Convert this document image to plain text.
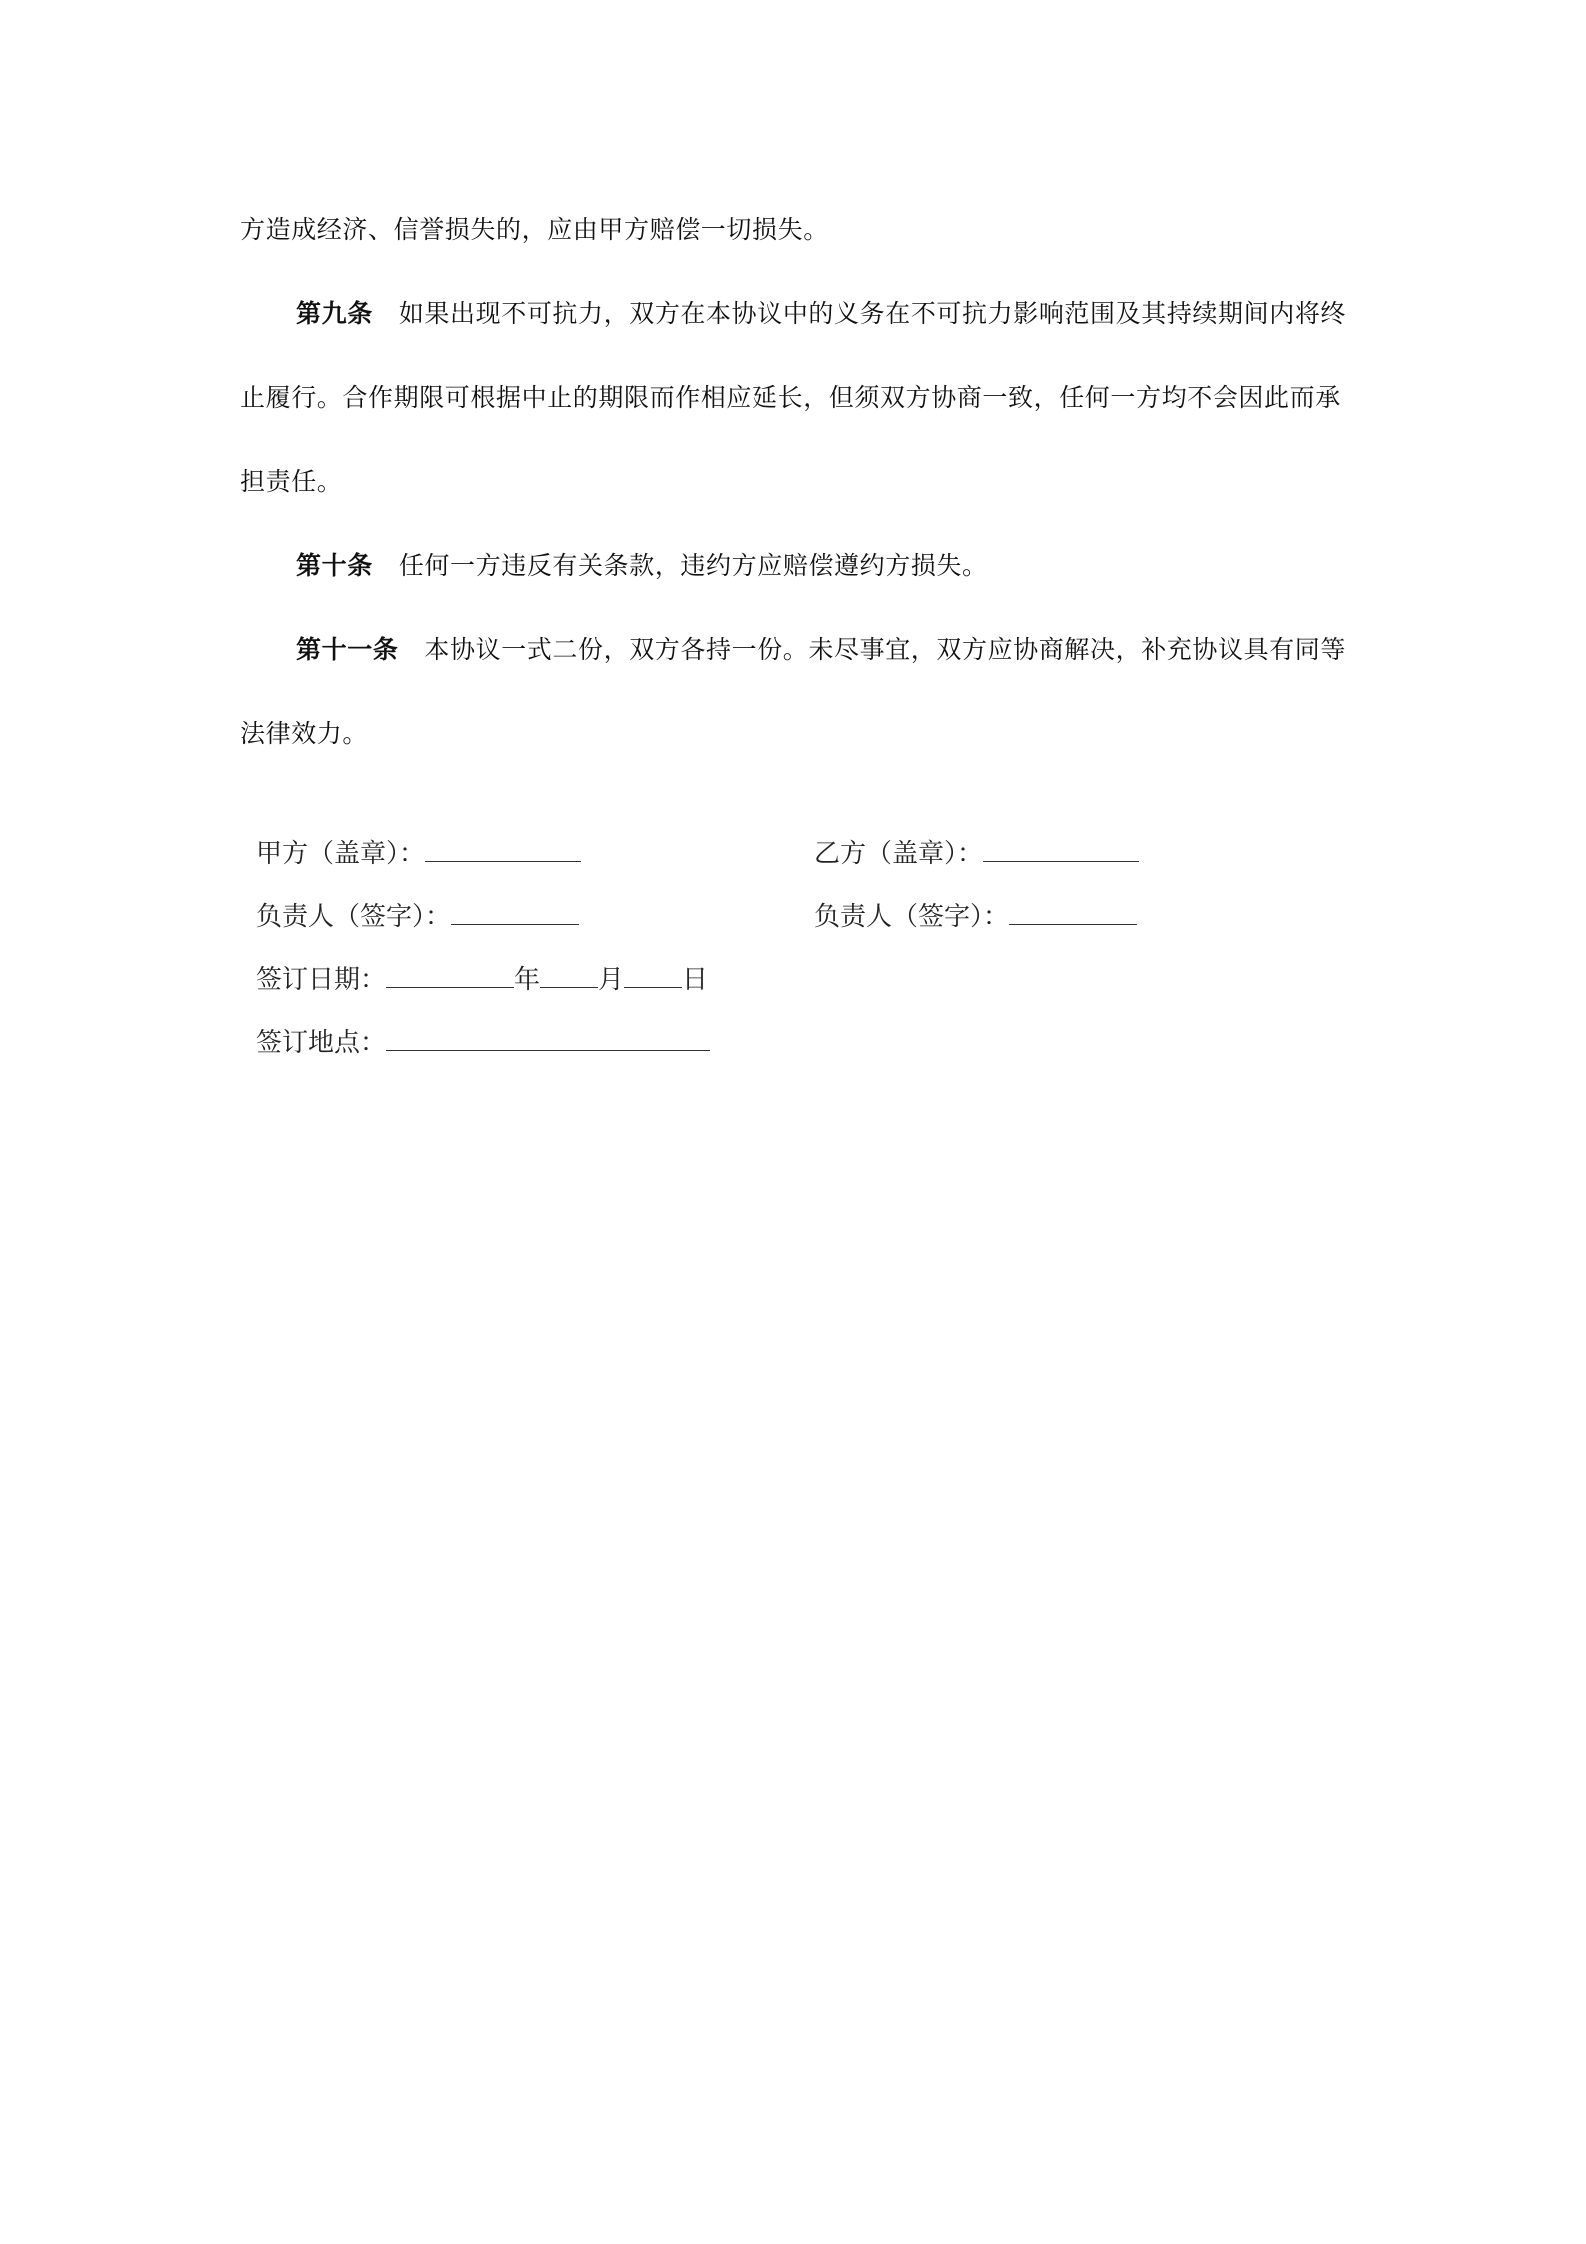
方造成经济、信誉损失的，应由甲方赔偿一切损失。

第九条 如果出现不可抗力，双方在本协议中的义务在不可抗力影响范围及其持续期间内将终止履行。合作期限可根据中止的期限而作相应延长，但须双方协商一致，任何一方均不会因此而承担责任。

第十条 任何一方违反有关条款，违约方应赔偿遵约方损失。

第十一条 本协议一式二份，双方各持一份。未尽事宜，双方应协商解决，补充协议具有同等法律效力。

甲方（盖章）：	乙方（盖章）：
负责人（签字）：	负责人（签字）：
签订日期：	年 月 日
签订地点：
